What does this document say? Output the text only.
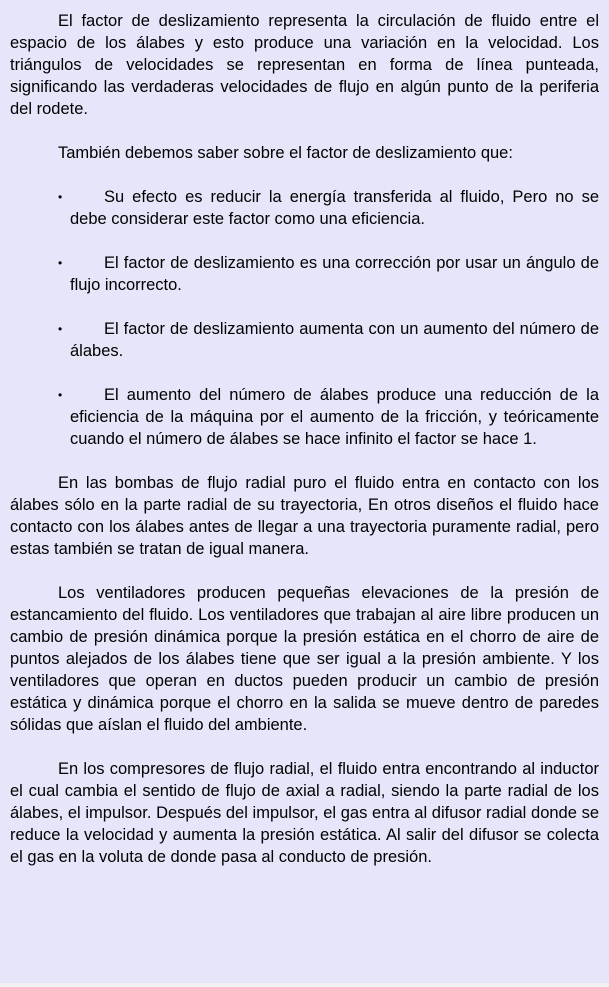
El factor de deslizamiento representa la circulación de fluido entre el espacio de los álabes y esto produce una variación en la velocidad. Los triángulos de velocidades se representan en forma de línea punteada, significando las verdaderas velocidades de flujo en algún punto de la periferia del rodete.

También debemos saber sobre el factor de deslizamiento que:

•	Su efecto es reducir la energía transferida al fluido, Pero no se debe considerar este factor como una eficiencia.
•	El factor de deslizamiento es una corrección por usar un ángulo de flujo incorrecto.
•	El factor de deslizamiento aumenta con un aumento del número de álabes.
•	El aumento del número de álabes produce una reducción de la eficiencia de la máquina por el aumento de la fricción, y teóricamente cuando el número de álabes se hace infinito el factor se hace 1.

En las bombas de flujo radial puro el fluido entra en contacto con los álabes sólo en la parte radial de su trayectoria, En otros diseños el fluido hace contacto con los álabes antes de llegar a una trayectoria puramente radial, pero estas también se tratan de igual manera.

Los ventiladores producen pequeñas elevaciones de la presión de estancamiento del fluido. Los ventiladores que trabajan al aire libre producen un cambio de presión dinámica porque la presión estática en el chorro de aire de puntos alejados de los álabes tiene que ser igual a la presión ambiente. Y los ventiladores que operan en ductos pueden producir un cambio de presión estática y dinámica porque el chorro en la salida se mueve dentro de paredes sólidas que aíslan el fluido del ambiente.

En los compresores de flujo radial, el fluido entra encontrando al inductor el cual cambia el sentido de flujo de axial a radial, siendo la parte radial de los álabes, el impulsor. Después del impulsor, el gas entra al difusor radial donde se reduce la velocidad y aumenta la presión estática. Al salir del difusor se colecta el gas en la voluta de donde pasa al conducto de presión.
